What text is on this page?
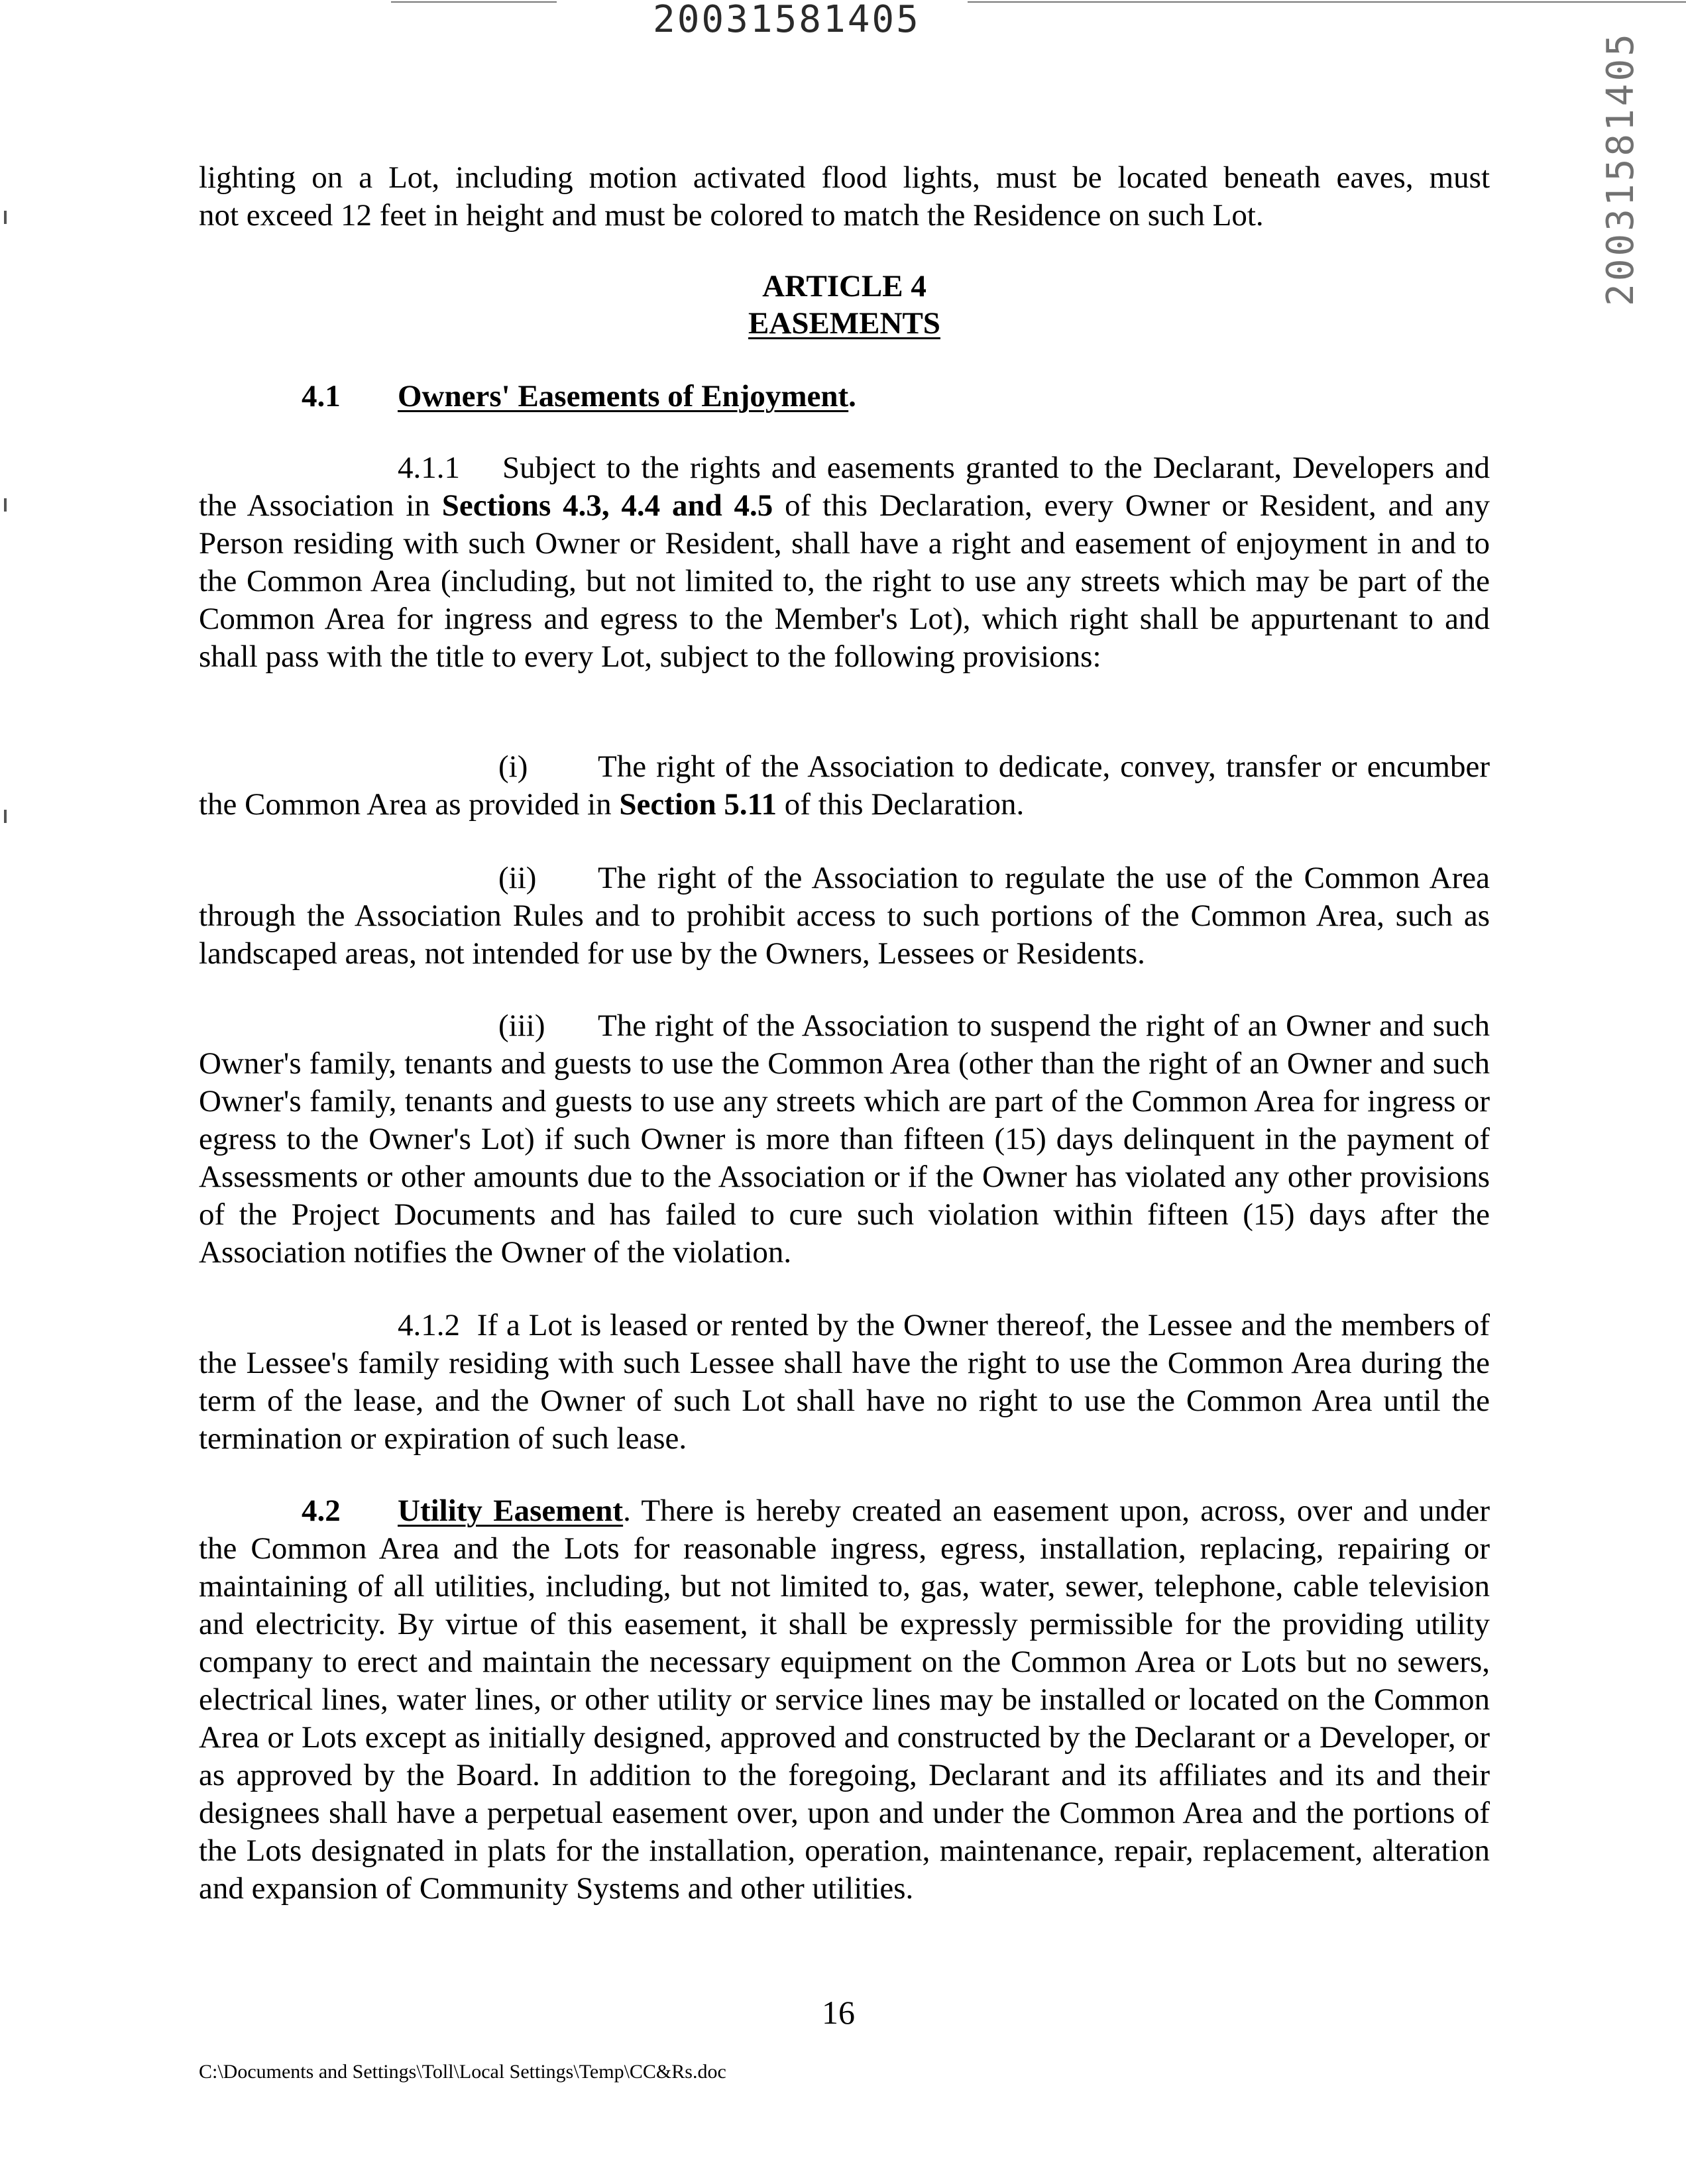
20031581405
20031581405
lighting on a Lot, including motion activated flood lights, must be located beneath eaves, must
not exceed 12 feet in height and must be colored to match the Residence on such Lot.
ARTICLE 4
EASEMENTS
4.1 Owners' Easements of Enjoyment.
4.1.1 Subject to the rights and easements granted to the Declarant, Developers and the Association in Sections 4.3, 4.4 and 4.5 of this Declaration, every Owner or Resident, and any Person residing with such Owner or Resident, shall have a right and easement of enjoyment in and to the Common Area (including, but not limited to, the right to use any streets which may be part of the Common Area for ingress and egress to the Member's Lot), which right shall be appurtenant to and shall pass with the title to every Lot, subject to the following provisions:
(i) The right of the Association to dedicate, convey, transfer or encumber the Common Area as provided in Section 5.11 of this Declaration.
(ii) The right of the Association to regulate the use of the Common Area through the Association Rules and to prohibit access to such portions of the Common Area, such as landscaped areas, not intended for use by the Owners, Lessees or Residents.
(iii) The right of the Association to suspend the right of an Owner and such Owner's family, tenants and guests to use the Common Area (other than the right of an Owner and such Owner's family, tenants and guests to use any streets which are part of the Common Area for ingress or egress to the Owner's Lot) if such Owner is more than fifteen (15) days delinquent in the payment of Assessments or other amounts due to the Association or if the Owner has violated any other provisions of the Project Documents and has failed to cure such violation within fifteen (15) days after the Association notifies the Owner of the violation.
4.1.2 If a Lot is leased or rented by the Owner thereof, the Lessee and the members of the Lessee's family residing with such Lessee shall have the right to use the Common Area during the term of the lease, and the Owner of such Lot shall have no right to use the Common Area until the termination or expiration of such lease.
4.2 Utility Easement. There is hereby created an easement upon, across, over and under the Common Area and the Lots for reasonable ingress, egress, installation, replacing, repairing or maintaining of all utilities, including, but not limited to, gas, water, sewer, telephone, cable television and electricity. By virtue of this easement, it shall be expressly permissible for the providing utility company to erect and maintain the necessary equipment on the Common Area or Lots but no sewers, electrical lines, water lines, or other utility or service lines may be installed or located on the Common Area or Lots except as initially designed, approved and constructed by the Declarant or a Developer, or as approved by the Board. In addition to the foregoing, Declarant and its affiliates and its and their designees shall have a perpetual easement over, upon and under the Common Area and the portions of the Lots designated in plats for the installation, operation, maintenance, repair, replacement, alteration and expansion of Community Systems and other utilities.
16
C:\Documents and Settings\Toll\Local Settings\Temp\CC&Rs.doc
